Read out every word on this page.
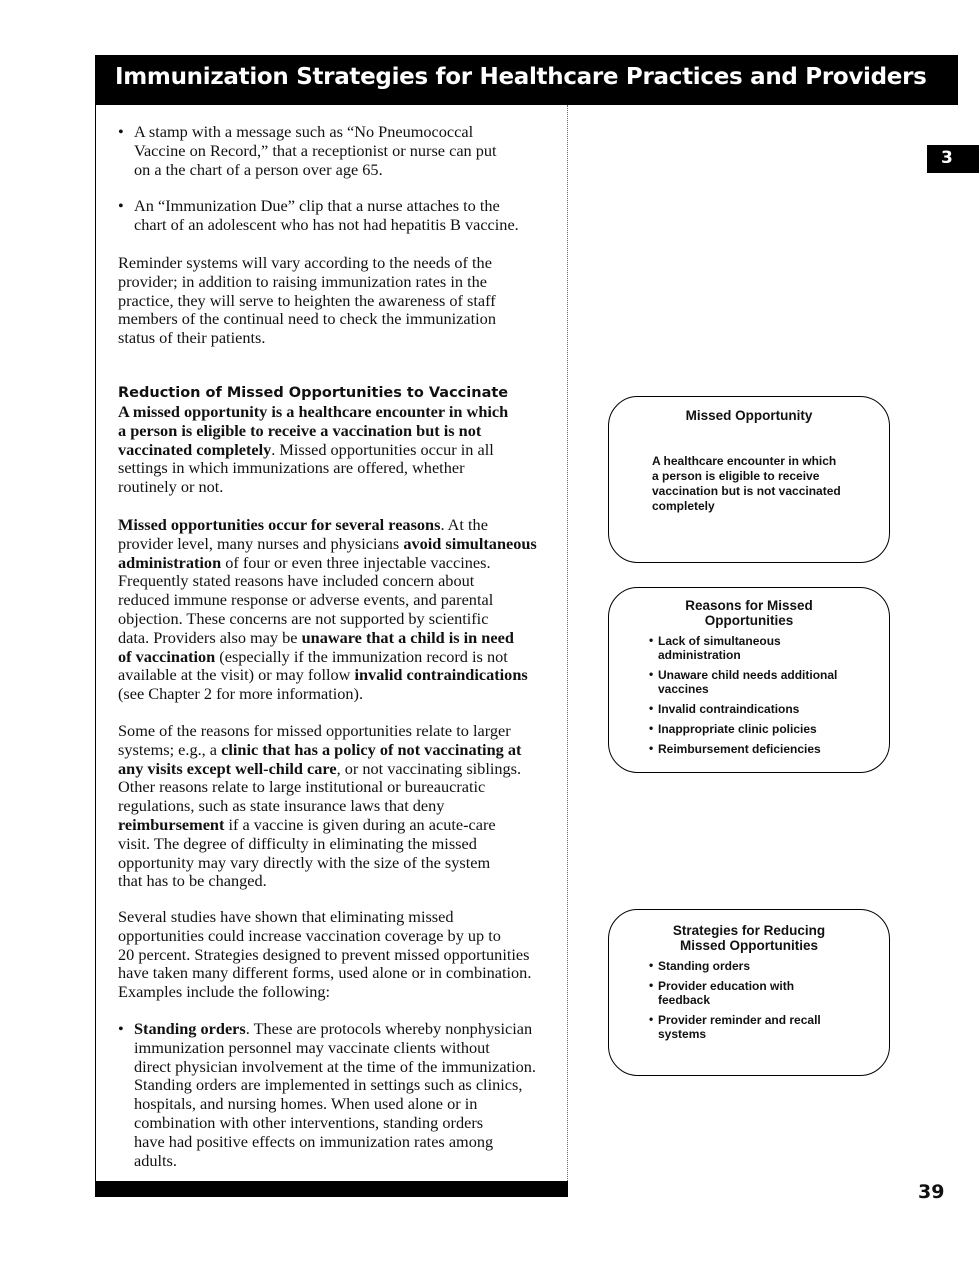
Immunization Strategies for Healthcare Practices and Providers
3
• A stamp with a message such as “No Pneumococcal

Vaccine on Record,” that a receptionist or nurse can put

on a the chart of a person over age 65.

• An “Immunization Due” clip that a nurse attaches to the

chart of an adolescent who has not had hepatitis B vaccine.

Reminder systems will vary according to the needs of the

provider; in addition to raising immunization rates in the

practice, they will serve to heighten the awareness of staff

members of the continual need to check the immunization

status of their patients.

Reduction of Missed Opportunities to Vaccinate

A missed opportunity is a healthcare encounter in which

a person is eligible to receive a vaccination but is not

vaccinated completely. Missed opportunities occur in all

settings in which immunizations are offered, whether

routinely or not.

Missed opportunities occur for several reasons. At the

provider level, many nurses and physicians avoid simultaneous

administration of four or even three injectable vaccines.

Frequently stated reasons have included concern about

reduced immune response or adverse events, and parental

objection. These concerns are not supported by scientific

data. Providers also may be unaware that a child is in need

of vaccination (especially if the immunization record is not

available at the visit) or may follow invalid contraindications

(see Chapter 2 for more information).

Some of the reasons for missed opportunities relate to larger

systems; e.g., a clinic that has a policy of not vaccinating at

any visits except well-child care, or not vaccinating siblings.

Other reasons relate to large institutional or bureaucratic

regulations, such as state insurance laws that deny

reimbursement if a vaccine is given during an acute-care

visit. The degree of difficulty in eliminating the missed

opportunity may vary directly with the size of the system

that has to be changed.

Several studies have shown that eliminating missed

opportunities could increase vaccination coverage by up to

20 percent. Strategies designed to prevent missed opportunities

have taken many different forms, used alone or in combination.

Examples include the following:

• Standing orders. These are protocols whereby nonphysician

immunization personnel may vaccinate clients without

direct physician involvement at the time of the immunization.

Standing orders are implemented in settings such as clinics,

hospitals, and nursing homes. When used alone or in

combination with other interventions, standing orders

have had positive effects on immunization rates among

adults.

Missed Opportunity

A healthcare encounter in which

a person is eligible to receive

vaccination but is not vaccinated

completely

Reasons for Missed

Opportunities

• Lack of simultaneous
administration
• Unaware child needs additional
vaccines
• Invalid contraindications
• Inappropriate clinic policies
• Reimbursement deficiencies

Strategies for Reducing

Missed Opportunities

• Standing orders
• Provider education with
feedback
• Provider reminder and recall
systems
39
